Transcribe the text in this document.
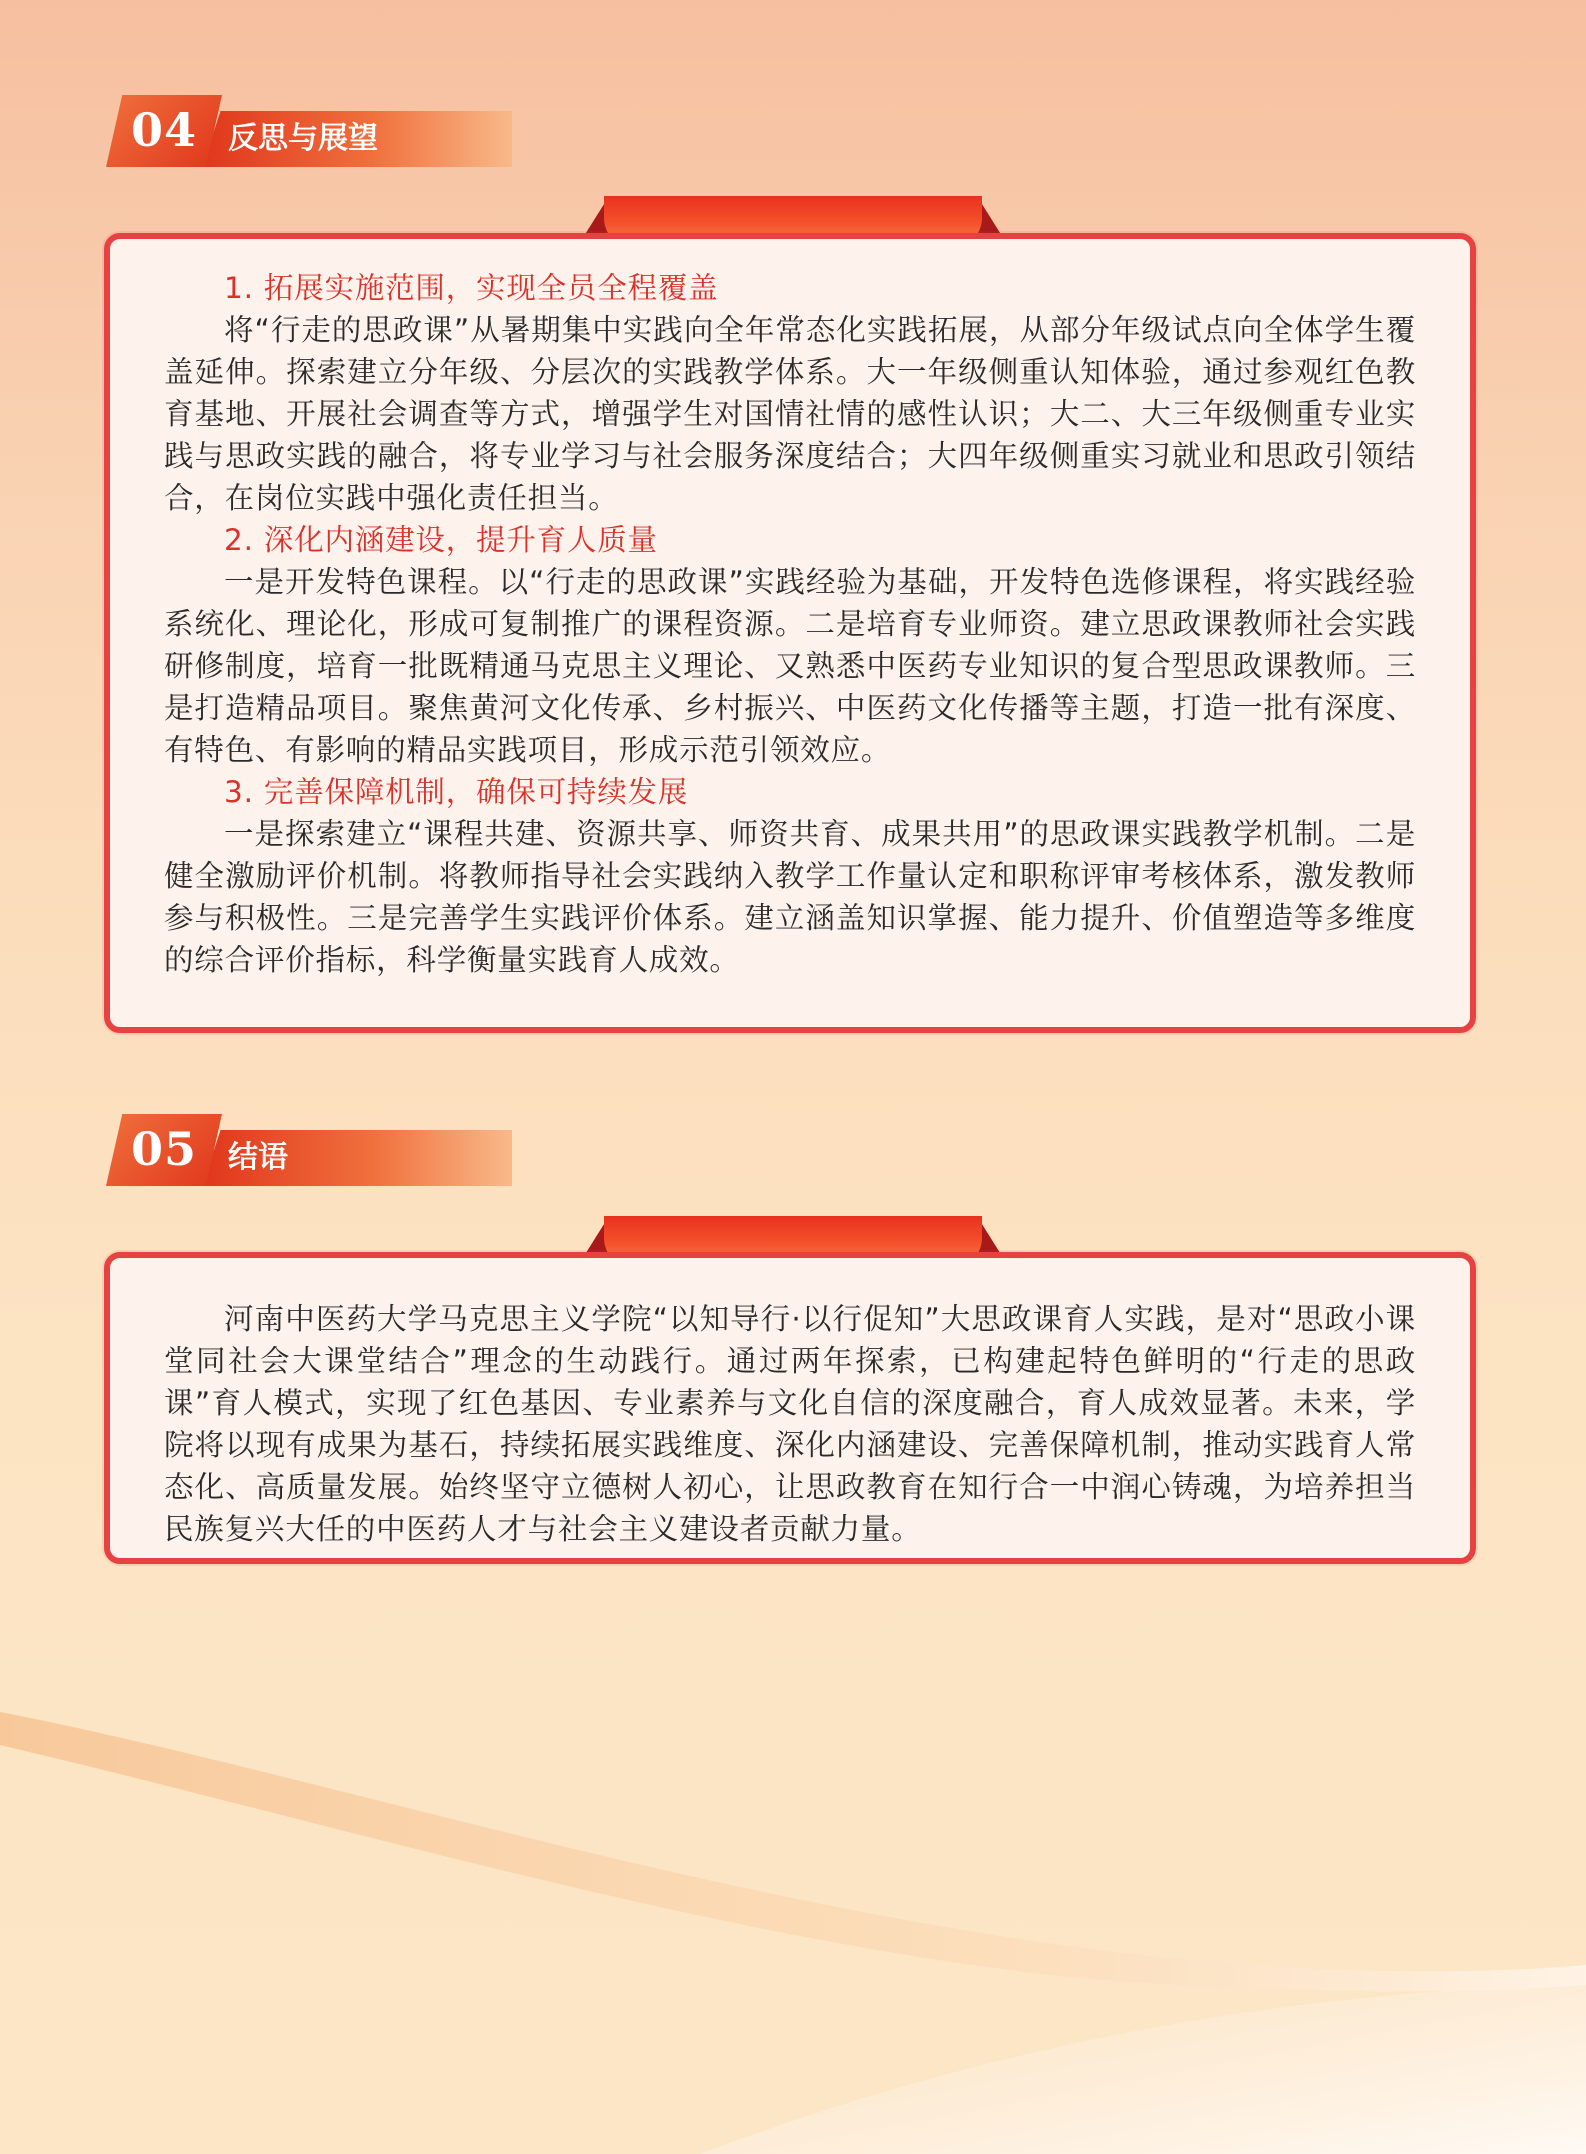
04	反思与展望

1. 拓展实施范围，实现全员全程覆盖

将“行走的思政课”从暑期集中实践向全年常态化实践拓展，从部分年级试点向全体学生覆盖延伸。探索建立分年级、分层次的实践教学体系。大一年级侧重认知体验，通过参观红色教育基地、开展社会调查等方式，增强学生对国情社情的感性认识；大二、大三年级侧重专业实践与思政实践的融合，将专业学习与社会服务深度结合；大四年级侧重实习就业和思政引领结合，在岗位实践中强化责任担当。

2. 深化内涵建设，提升育人质量

一是开发特色课程。以“行走的思政课”实践经验为基础，开发特色选修课程，将实践经验系统化、理论化，形成可复制推广的课程资源。二是培育专业师资。建立思政课教师社会实践研修制度，培育一批既精通马克思主义理论、又熟悉中医药专业知识的复合型思政课教师。三是打造精品项目。聚焦黄河文化传承、乡村振兴、中医药文化传播等主题，打造一批有深度、有特色、有影响的精品实践项目，形成示范引领效应。

3. 完善保障机制，确保可持续发展

一是探索建立“课程共建、资源共享、师资共育、成果共用”的思政课实践教学机制。二是健全激励评价机制。将教师指导社会实践纳入教学工作量认定和职称评审考核体系，激发教师参与积极性。三是完善学生实践评价体系。建立涵盖知识掌握、能力提升、价值塑造等多维度的综合评价指标，科学衡量实践育人成效。

05	结语

河南中医药大学马克思主义学院“以知导行·以行促知”大思政课育人实践，是对“思政小课堂同社会大课堂结合”理念的生动践行。通过两年探索，已构建起特色鲜明的“行走的思政课”育人模式，实现了红色基因、专业素养与文化自信的深度融合，育人成效显著。未来，学院将以现有成果为基石，持续拓展实践维度、深化内涵建设、完善保障机制，推动实践育人常态化、高质量发展。始终坚守立德树人初心，让思政教育在知行合一中润心铸魂，为培养担当民族复兴大任的中医药人才与社会主义建设者贡献力量。
